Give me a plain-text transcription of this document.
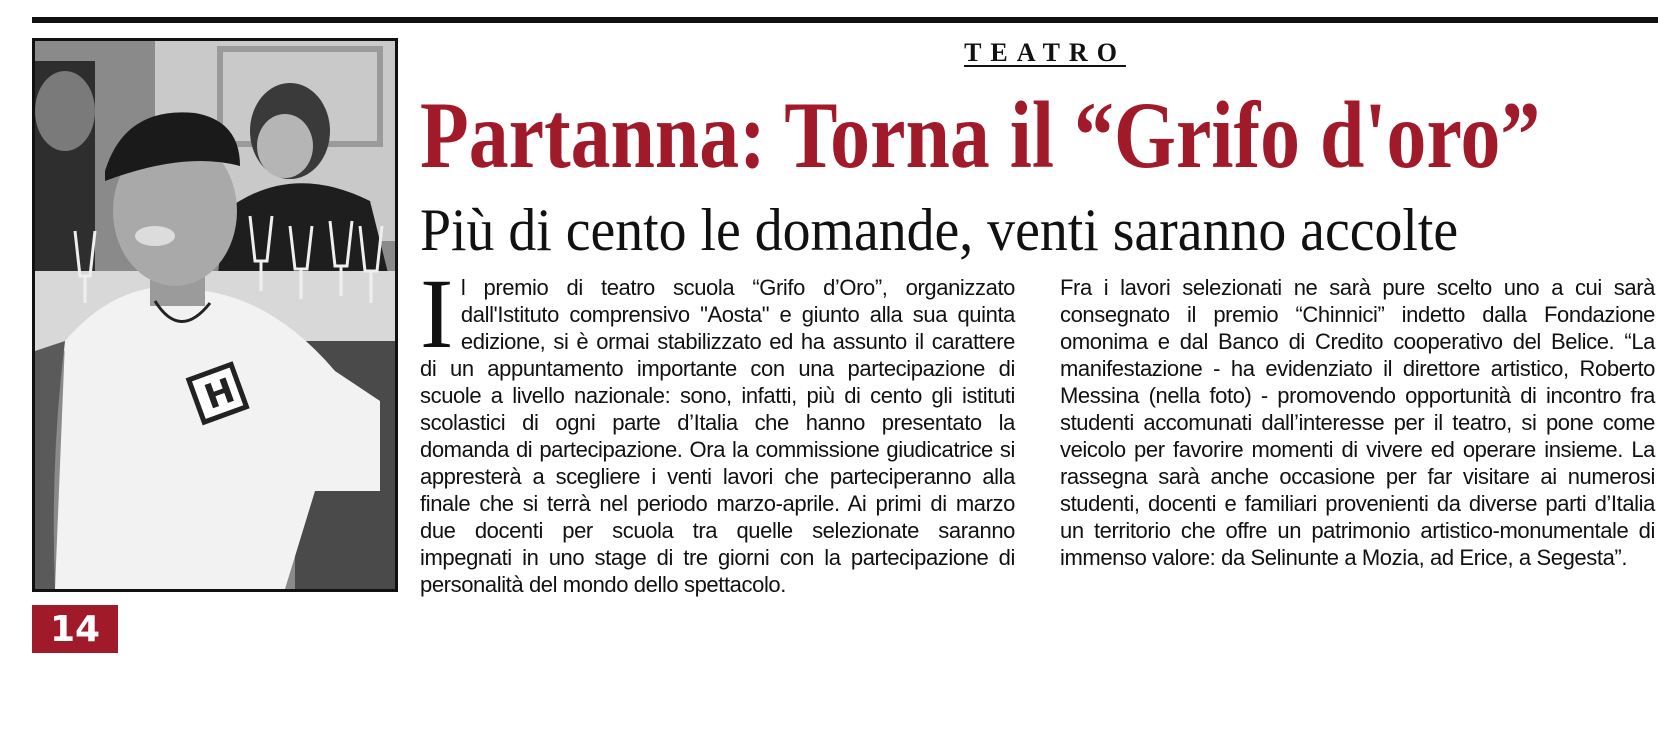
H
14
TEATRO
Partanna: Torna il “Grifo d'oro”
Più di cento le domande, venti saranno accolte
I l premio di teatro scuola “Grifo d’Oro”, organizzato dall'Istituto comprensivo "Aosta" e giunto alla sua quinta edizione, si è ormai stabilizzato ed ha assunto il carattere di un appuntamento importante con una partecipazione di scuole a livello nazionale: sono, infatti, più di cento gli istituti scolastici di ogni parte d’Italia che hanno presentato la domanda di partecipazione. Ora la commissione giudicatrice si appresterà a scegliere i venti lavori che parteciperanno alla finale che si terrà nel periodo marzo-aprile. Ai primi di marzo due docenti per scuola tra quelle selezionate saranno impegnati in uno stage di tre giorni con la partecipazione di personalità del mondo dello spettacolo.
Fra i lavori selezionati ne sarà pure scelto uno a cui sarà consegnato il premio “Chinnici” indetto dalla Fondazione omonima e dal Banco di Credito cooperativo del Belice. “La manifestazione - ha evidenziato il direttore artistico, Roberto Messina (nella foto) - promovendo opportunità di incontro fra studenti accomunati dall’interesse per il teatro, si pone come veicolo per favorire momenti di vivere ed operare insieme. La rassegna sarà anche occasione per far visitare ai numerosi studenti, docenti e familiari provenienti da diverse parti d’Italia un territorio che offre un patrimonio artistico-monumentale di immenso valore: da Selinunte a Mozia, ad Erice, a Segesta”.
